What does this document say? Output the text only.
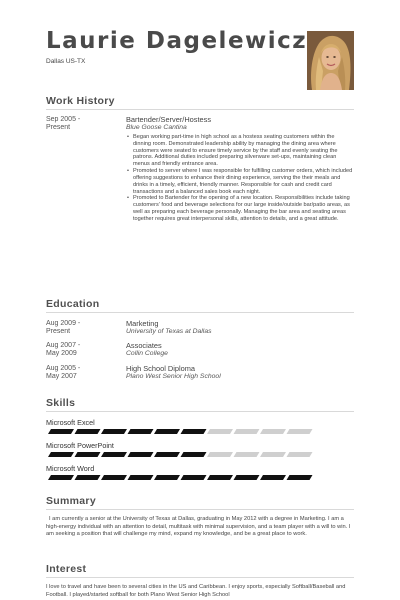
Laurie Dagelewicz
Dallas US-TX
Work History
Sep 2005 -
Present
Bartender/Server/Hostess
Blue Goose Cantina
• Began working part-time in high school as a hostess seating customers within the dinning room. Demonstrated leadership ability by managing the dining area where customers were seated to ensure timely service by the staff and evenly seating the patrons. Additional duties included preparing silverware set-ups, maintaining clean menus and friendly entrance area.
• Promoted to server where I was responsible for fulfilling customer orders, which included offering suggestions to enhance their dining experience, serving the their meals and drinks in a timely, efficient, friendly manner. Responsible for cash and credit card transactions and a balanced sales book each night.
• Promoted to Bartender for the opening of a new location. Responsibilities include taking customers' food and beverage selections for our large inside/outside bar/patio areas, as well as preparing each beverage personally. Managing the bar area and seating areas together requires great interpersonal skills, attention to details, and a great attitude.
Education
Aug 2009 -
Present
Marketing
University of Texas at Dallas
Aug 2007 -
May 2009
Associates
Collin College
Aug 2005 -
May 2007
High School Diploma
Plano West Senior High School
Skills
Microsoft Excel
Microsoft PowerPoint
Microsoft Word
Summary

I am currently a senior at the University of Texas at Dallas, graduating in May 2012 with a degree in Marketing. I am a high-energy individual with an attention to detail, multitask with minimal supervision, and a team player with a will to win. I am seeking a position that will challenge my mind, expand my knowledge, and be a great place to work.

Interest

I love to travel and have been to several cities in the US and Caribbean. I enjoy sports, especially Softball/Baseball and Football. I played/started softball for both Plano West Senior High School
